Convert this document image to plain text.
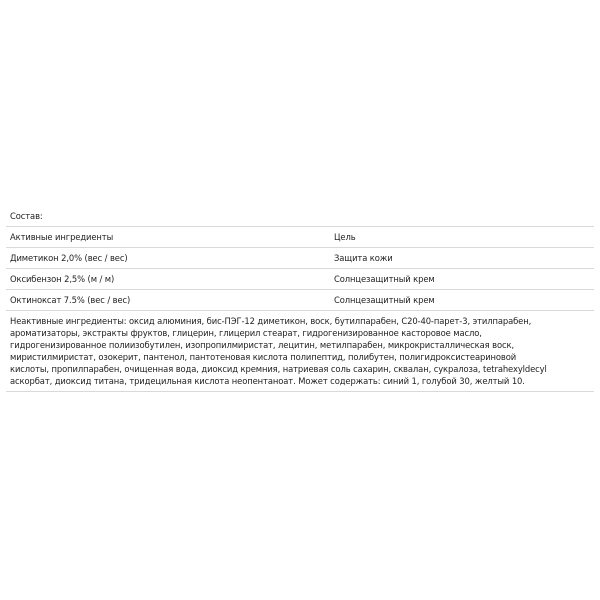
Состав:
Активные ингредиенты	Цель
Диметикон 2,0% (вес / вес)	Защита кожи
Оксибензон 2,5% (м / м)	Солнцезащитный крем
Октиноксат 7.5% (вес / вес)	Солнцезащитный крем
Неактивные ингредиенты: оксид алюминия, бис-ПЭГ-12 диметикон, воск, бутилпарабен, C20-40-парет-3, этилпарабен,
ароматизаторы, экстракты фруктов, глицерин, глицерил стеарат, гидрогенизированное касторовое масло,
гидрогенизированное полиизобутилен, изопропилмиристат, лецитин, метилпарабен, микрокристаллическая воск,
миристилмиристат, озокерит, пантенол, пантотеновая кислота полипептид, полибутен, полигидроксистеариновой
кислоты, пропилпарабен, очищенная вода, диоксид кремния, натриевая соль сахарин, сквалан, сукралоза, tetrahexyldecyl
аскорбат, диоксид титана, тридецильная кислота неопентаноат. Может содержать: синий 1, голубой 30, желтый 10.
